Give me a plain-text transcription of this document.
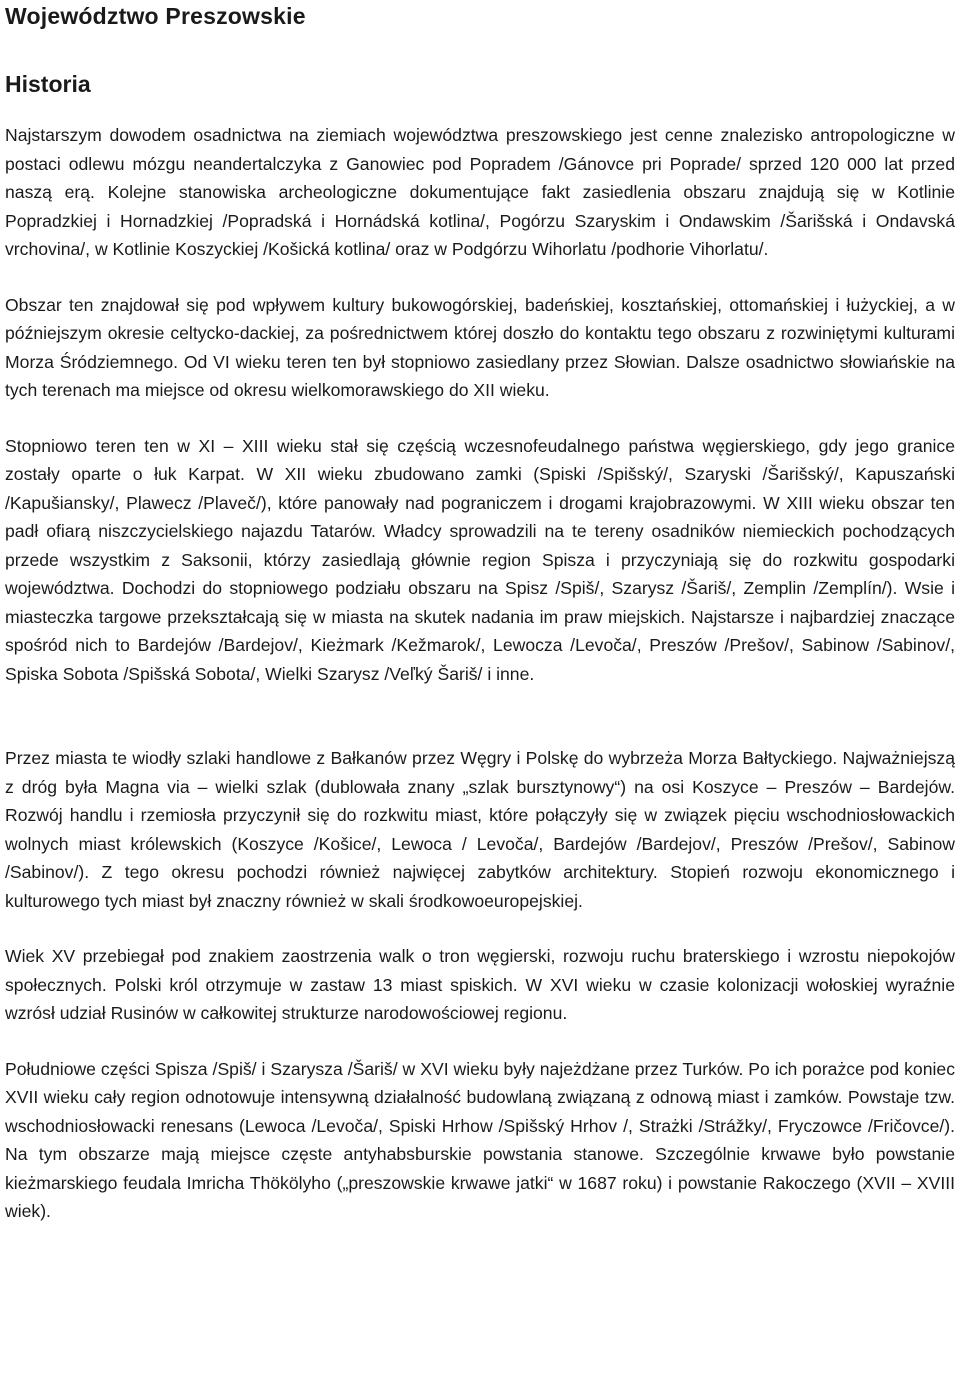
Województwo Preszowskie
Historia

Najstarszym dowodem osadnictwa na ziemiach województwa preszowskiego jest cenne znalezisko antropologiczne w postaci odlewu mózgu neandertalczyka z Ganowiec pod Popradem /Gánovce pri Poprade/ sprzed 120 000 lat przed naszą erą. Kolejne stanowiska archeologiczne dokumentujące fakt zasiedlenia obszaru znajdują się w Kotlinie Popradzkiej i Hornadzkiej /Popradská i Hornádská kotlina/, Pogórzu Szaryskim i Ondawskim /Šarišská i Ondavská vrchovina/, w Kotlinie Koszyckiej /Košická kotlina/ oraz w Podgórzu Wihorlatu /podhorie Vihorlatu/.

Obszar ten znajdował się pod wpływem kultury bukowogórskiej, badeńskiej, kosztańskiej, ottomańskiej i łużyckiej, a w późniejszym okresie celtycko-dackiej, za pośrednictwem której doszło do kontaktu tego obszaru z rozwiniętymi kulturami Morza Śródziemnego. Od VI wieku teren ten był stopniowo zasiedlany przez Słowian. Dalsze osadnictwo słowiańskie na tych terenach ma miejsce od okresu wielkomorawskiego do XII wieku.

Stopniowo teren ten w XI – XIII wieku stał się częścią wczesnofeudalnego państwa węgierskiego, gdy jego granice zostały oparte o łuk Karpat. W XII wieku zbudowano zamki (Spiski /Spišský/, Szaryski /Šarišský/, Kapuszański /Kapušiansky/, Plawecz /Plaveč/), które panowały nad pograniczem i drogami krajobrazowymi. W XIII wieku obszar ten padł ofiarą niszczycielskiego najazdu Tatarów. Władcy sprowadzili na te tereny osadników niemieckich pochodzących przede wszystkim z Saksonii, którzy zasiedlają głównie region Spisza i przyczyniają się do rozkwitu gospodarki województwa. Dochodzi do stopniowego podziału obszaru na Spisz /Spiš/, Szarysz /Šariš/, Zemplin /Zemplín/). Wsie i miasteczka targowe przekształcają się w miasta na skutek nadania im praw miejskich. Najstarsze i najbardziej znaczące spośród nich to Bardejów /Bardejov/, Kieżmark /Kežmarok/, Lewocza /Levoča/, Preszów /Prešov/, Sabinow /Sabinov/, Spiska Sobota /Spišská Sobota/, Wielki Szarysz /Veľký Šariš/ i inne.

Przez miasta te wiodły szlaki handlowe z Bałkanów przez Węgry i Polskę do wybrzeża Morza Bałtyckiego. Najważniejszą z dróg była Magna via – wielki szlak (dublowała znany „szlak bursztynowy“) na osi Koszyce – Preszów – Bardejów. Rozwój handlu i rzemiosła przyczynił się do rozkwitu miast, które połączyły się w związek pięciu wschodniosłowackich wolnych miast królewskich (Koszyce /Košice/, Lewoca / Levoča/, Bardejów /Bardejov/, Preszów /Prešov/, Sabinow /Sabinov/). Z tego okresu pochodzi również najwięcej zabytków architektury. Stopień rozwoju ekonomicznego i kulturowego tych miast był znaczny również w skali środkowoeuropejskiej.

Wiek XV przebiegał pod znakiem zaostrzenia walk o tron węgierski, rozwoju ruchu braterskiego i wzrostu niepokojów społecznych. Polski król otrzymuje w zastaw 13 miast spiskich. W XVI wieku w czasie kolonizacji wołoskiej wyraźnie wzrósł udział Rusinów w całkowitej strukturze narodowościowej regionu.

Południowe części Spisza /Spiš/ i Szarysza /Šariš/ w XVI wieku były najeżdżane przez Turków. Po ich porażce pod koniec XVII wieku cały region odnotowuje intensywną działalność budowlaną związaną z odnową miast i zamków. Powstaje tzw. wschodniosłowacki renesans (Lewoca /Levoča/, Spiski Hrhow /Spišský Hrhov /, Strażki /Strážky/, Fryczowce /Fričovce/). Na tym obszarze mają miejsce częste antyhabsburskie powstania stanowe. Szczególnie krwawe było powstanie kieżmarskiego feudala Imricha Thökölyho („preszowskie krwawe jatki“ w 1687 roku) i powstanie Rakoczego (XVII – XVIII wiek).
